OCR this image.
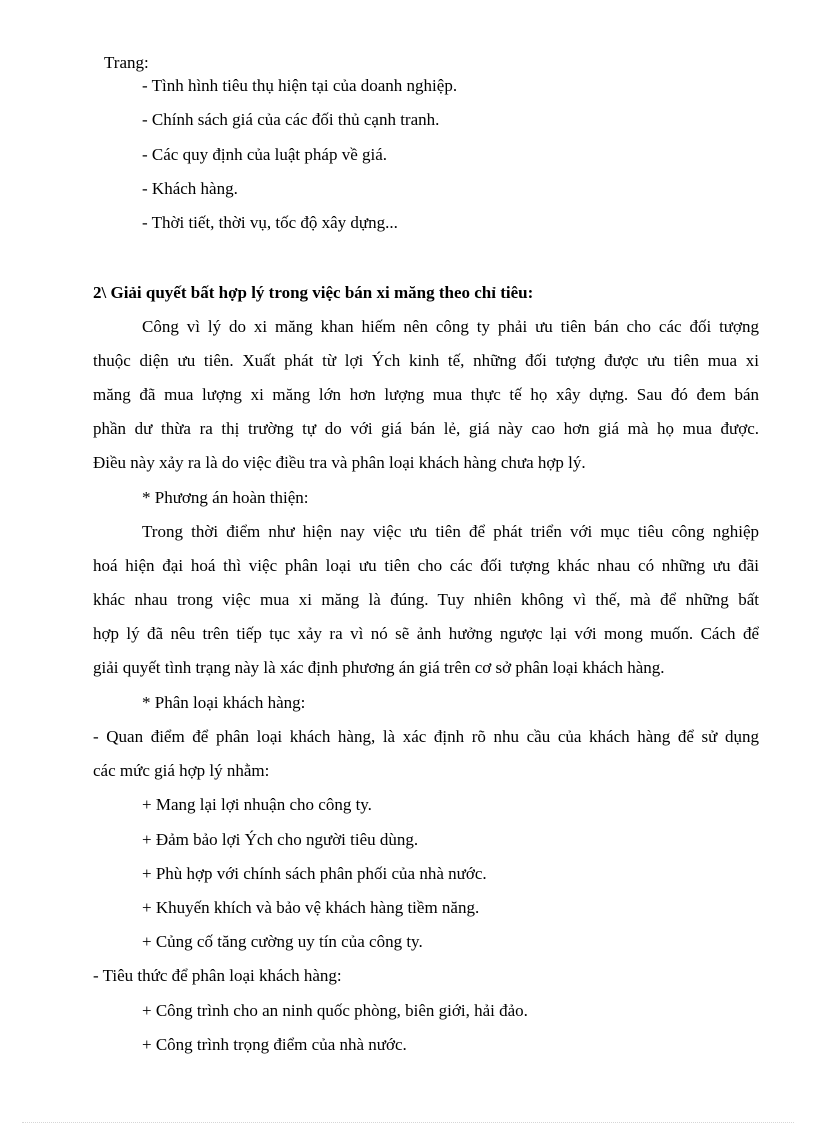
Trang:
- Tình hình tiêu thụ hiện tại của doanh nghiệp.
- Chính sách giá của các đối thủ cạnh tranh.
- Các quy định của luật pháp về giá.
- Khách hàng.
- Thời tiết, thời vụ, tốc độ xây dựng...
2\ Giải quyết bất hợp lý trong việc bán xi măng theo chỉ tiêu:
Công vì lý do xi măng khan hiếm nên công ty phải ưu tiên bán cho các đối tượng
thuộc diện ưu tiên. Xuất phát từ lợi Ých kinh tế, những đối tượng được ưu tiên mua xi
măng đã mua lượng xi măng lớn hơn lượng mua thực tế họ xây dựng. Sau đó đem bán
phần dư thừa ra thị trường tự do với giá bán lẻ, giá này cao hơn giá mà họ mua được.
Điều này xảy ra là do việc điều tra và phân loại khách hàng chưa hợp lý.
* Phương án hoàn thiện:
Trong thời điểm như hiện nay việc ưu tiên để phát triển với mục tiêu công nghiệp
hoá hiện đại hoá thì việc phân loại ưu tiên cho các đối tượng khác nhau có những ưu đãi
khác nhau trong việc mua xi măng là đúng. Tuy nhiên không vì thế, mà để những bất
hợp lý đã nêu trên tiếp tục xảy ra vì nó sẽ ảnh hưởng ngược lại với mong muốn. Cách để
giải quyết tình trạng này là xác định phương án giá trên cơ sở phân loại khách hàng.
* Phân loại khách hàng:
- Quan điểm để phân loại khách hàng, là xác định rõ nhu cầu của khách hàng để sử dụng
các mức giá hợp lý nhằm:
+ Mang lại lợi nhuận cho công ty.
+ Đảm bảo lợi Ých cho người tiêu dùng.
+ Phù hợp với chính sách phân phối của nhà nước.
+ Khuyến khích và bảo vệ khách hàng tiềm năng.
+ Củng cố tăng cường uy tín của công ty.
- Tiêu thức để phân loại khách hàng:
+ Công trình cho an ninh quốc phòng, biên giới, hải đảo.
+ Công trình trọng điểm của nhà nước.
